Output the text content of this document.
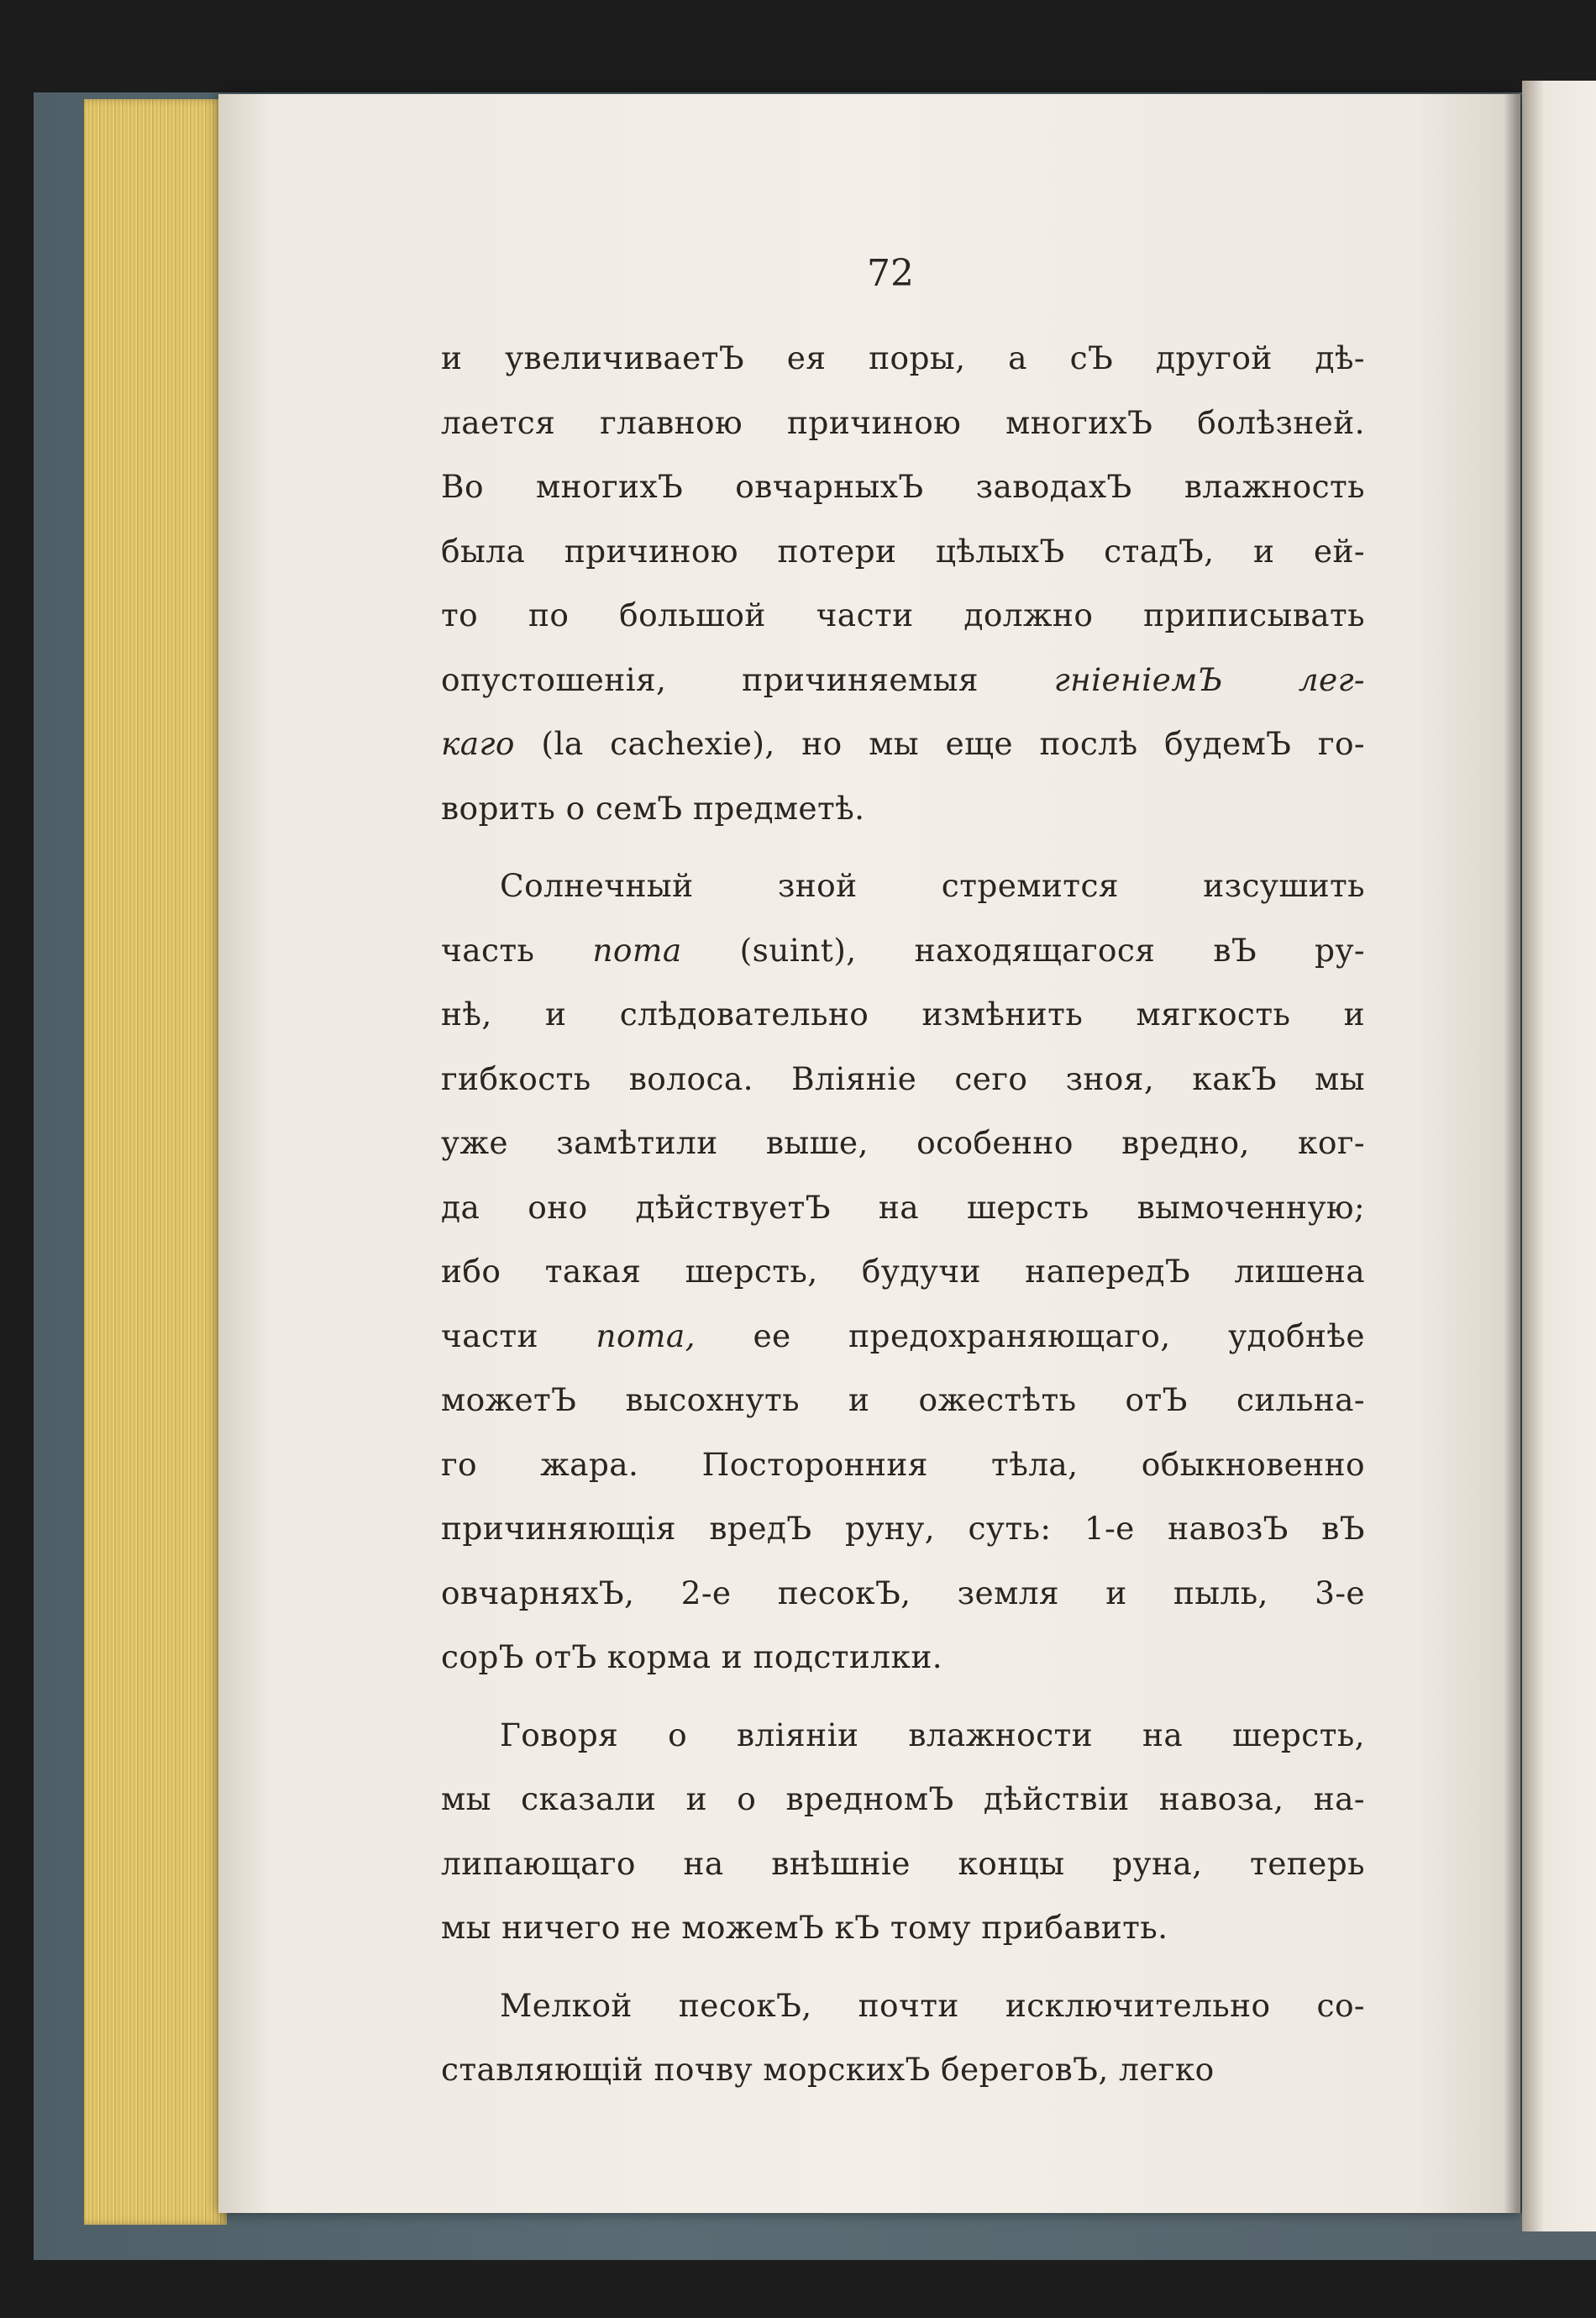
72
и увеличиваетЪ ея поры, а сЪ другой дѣ-
лается главною причиною многихЪ болѣзней.
Во многихЪ овчарныхЪ заводахЪ влажность
была причиною потери цѣлыхЪ стадЪ, и ей-
то по большой части должно приписывать
опустошенія, причиняемыя гніеніемЪ лег-
каго (la cachexie), но мы еще послѣ будемЪ го-
ворить о семЪ предметѣ.
Солнечный зной стремится изсушить
часть пота (suint), находящагося вЪ ру-
нѣ, и слѣдовательно измѣнить мягкость и
гибкость волоса. Вліяніе сего зноя, какЪ мы
уже замѣтили выше, особенно вредно, ког-
да оно дѣйствуетЪ на шерсть вымоченную;
ибо такая шерсть, будучи напередЪ лишена
части пота, ее предохраняющаго, удобнѣе
можетЪ высохнуть и ожестѣть отЪ сильна-
го жара. Посторонния тѣла, обыкновенно
причиняющія вредЪ руну, суть: 1-е навозЪ вЪ
овчарняхЪ, 2-е песокЪ, земля и пыль, 3-е
сорЪ отЪ корма и подстилки.
Говоря о вліяніи влажности на шерсть,
мы сказали и о вредномЪ дѣйствіи навоза, на-
липающаго на внѣшніе концы руна, теперь
мы ничего не можемЪ кЪ тому прибавить.
Мелкой песокЪ, почти исключительно со-
ставляющій почву морскихЪ береговЪ, легко
